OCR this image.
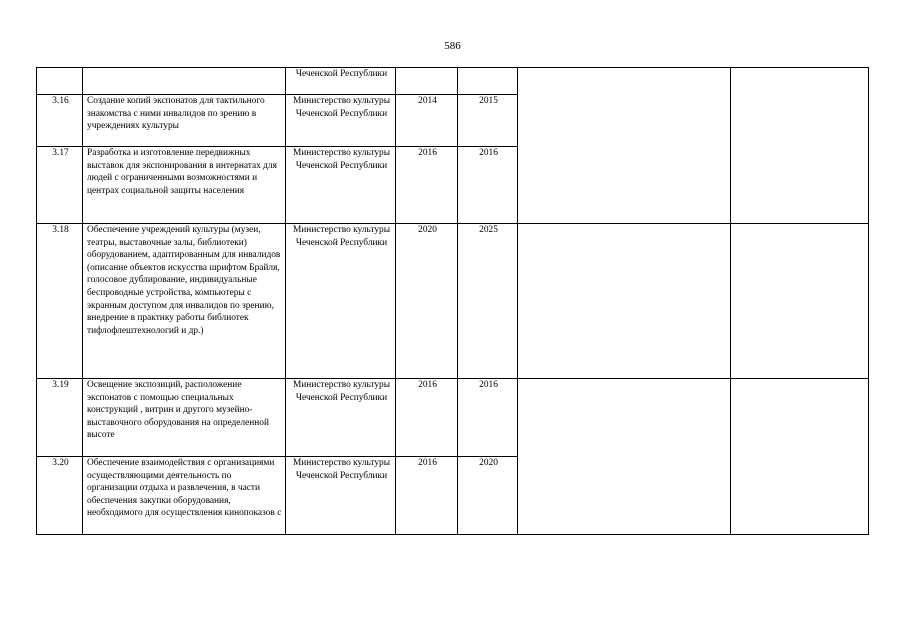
586
		Чеченской Республики				
3.16	Создание копий экспонатов для тактильного знакомства с ними инвалидов по зрению в учреждениях культуры	Министерство культуры Чеченской Республики	2014	2015		
3.17	Разработка и изготовление передвижных выставок для экспонирования в интернатах для людей с ограниченными возможностями и центрах социальной защиты населения	Министерство культуры Чеченской Республики	2016	2016		
3.18	Обеспечение учреждений культуры (музеи, театры, выставочные залы, библиотеки) оборудованием, адаптированным для инвалидов (описание объектов искусства шрифтом Брайля, голосовое дублирование, индивидуальные беспроводные устройства, компьютеры с экранным доступом для инвалидов по зрению, внедрение в практику работы библиотек тифлофлештехнологий и др.)	Министерство культуры Чеченской Республики	2020	2025		
3.19	Освещение экспозиций, расположение экспонатов с помощью специальных конструкций , витрин и другого музейно-выставочного оборудования на определенной высоте	Министерство культуры Чеченской Республики	2016	2016		
3.20	Обеспечение взаимодействия с организациями осуществляющими деятельность по организации отдыха и развлечения, в части обеспечения закупки оборудования, необходимого для осуществления кинопоказов с	Министерство культуры Чеченской Республики	2016	2020		
